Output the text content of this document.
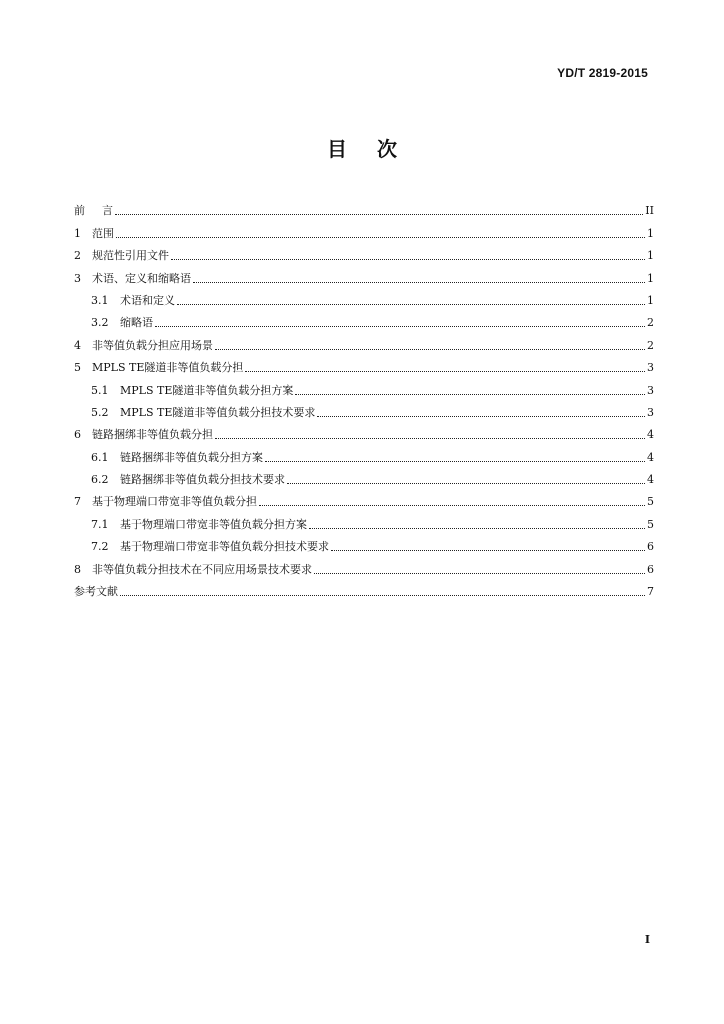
YD/T 2819-2015
目次
前 言	II
1	范围	1
2	规范性引用文件	1
3	术语、定义和缩略语	1
3.1	术语和定义	1
3.2	缩略语	2
4	非等值负载分担应用场景	2
5	MPLS TE隧道非等值负载分担	3
5.1	MPLS TE隧道非等值负载分担方案	3
5.2	MPLS TE隧道非等值负载分担技术要求	3
6	链路捆绑非等值负载分担	4
6.1	链路捆绑非等值负载分担方案	4
6.2	链路捆绑非等值负载分担技术要求	4
7	基于物理端口带宽非等值负载分担	5
7.1	基于物理端口带宽非等值负载分担方案	5
7.2	基于物理端口带宽非等值负载分担技术要求	6
8	非等值负载分担技术在不同应用场景技术要求	6
参考文献	7
I
